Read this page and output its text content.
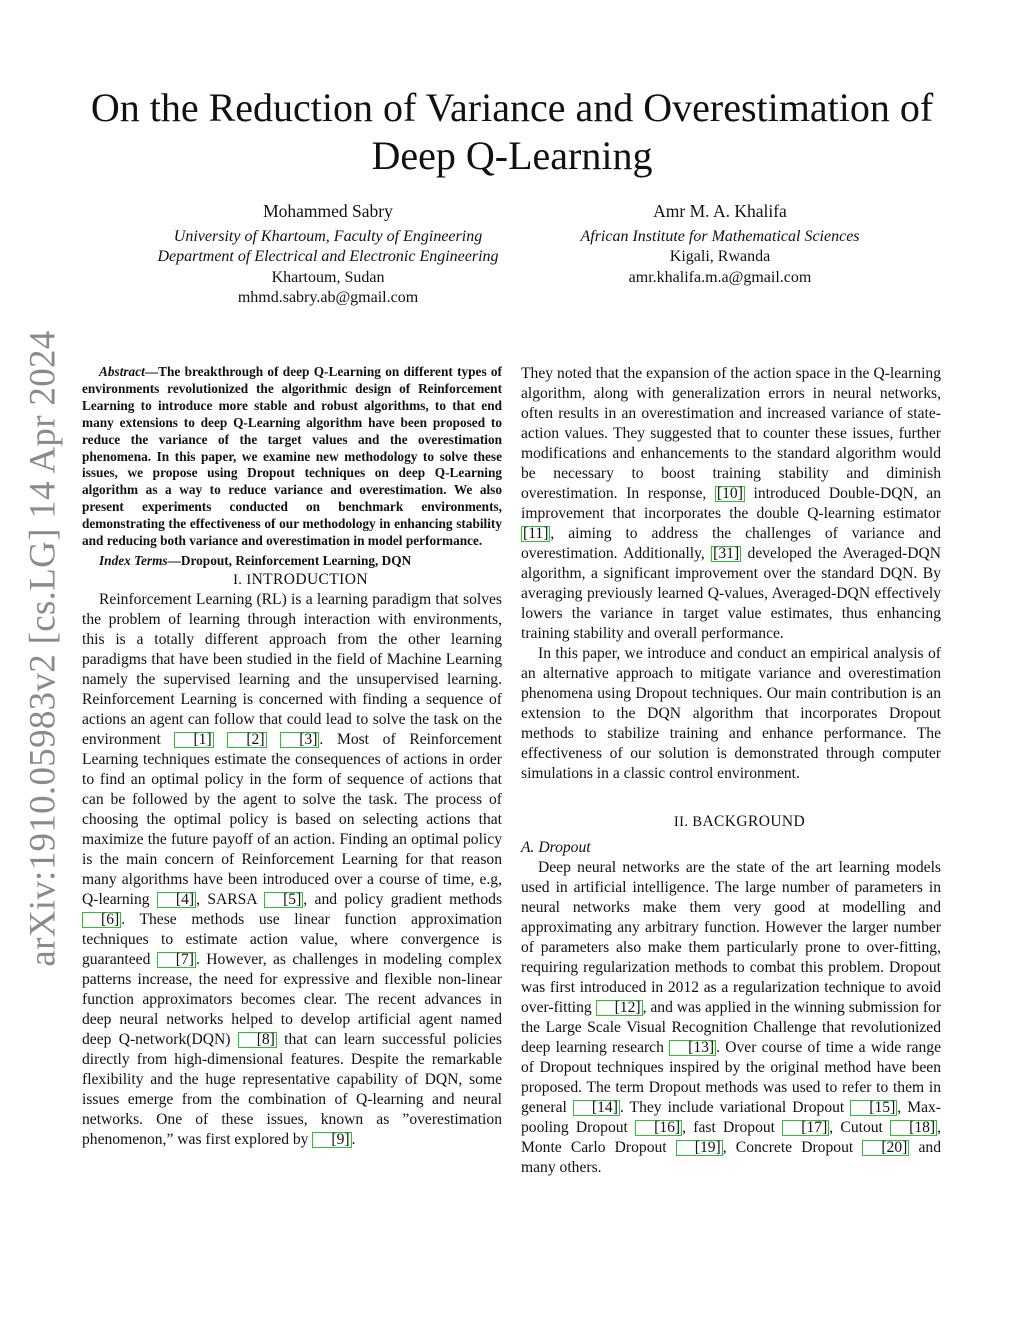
arXiv:1910.05983v2 [cs.LG] 14 Apr 2024
On the Reduction of Variance and Overestimation of Deep Q-Learning
Mohammed Sabry
University of Khartoum, Faculty of Engineering
Department of Electrical and Electronic Engineering
Khartoum, Sudan
mhmd.sabry.ab@gmail.com
Amr M. A. Khalifa
African Institute for Mathematical Sciences
Kigali, Rwanda
amr.khalifa.m.a@gmail.com

Abstract—The breakthrough of deep Q-Learning on different types of environments revolutionized the algorithmic design of Reinforcement Learning to introduce more stable and robust algorithms, to that end many extensions to deep Q-Learning algorithm have been proposed to reduce the variance of the target values and the overestimation phenomena. In this paper, we examine new methodology to solve these issues, we propose using Dropout techniques on deep Q-Learning algorithm as a way to reduce variance and overestimation. We also present experiments conducted on benchmark environments, demonstrating the effectiveness of our methodology in enhancing stability and reducing both variance and overestimation in model performance.

Index Terms—Dropout, Reinforcement Learning, DQN

I. INTRODUCTION

Reinforcement Learning (RL) is a learning paradigm that solves the problem of learning through interaction with environments, this is a totally different approach from the other learning paradigms that have been studied in the field of Machine Learning namely the supervised learning and the unsupervised learning. Reinforcement Learning is concerned with finding a sequence of actions an agent can follow that could lead to solve the task on the environment [1] [2] [3] . Most of Reinforcement Learning techniques estimate the consequences of actions in order to find an optimal policy in the form of sequence of actions that can be followed by the agent to solve the task. The process of choosing the optimal policy is based on selecting actions that maximize the future payoff of an action. Finding an optimal policy is the main concern of Reinforcement Learning for that reason many algorithms have been introduced over a course of time, e.g, Q-learning [4] , SARSA [5] , and policy gradient methods [6] . These methods use linear function approximation techniques to estimate action value, where convergence is guaranteed [7] . However, as challenges in modeling complex patterns increase, the need for expressive and flexible non-linear function approximators becomes clear. The recent advances in deep neural networks helped to develop artificial agent named deep Q-network(DQN) [8] that can learn successful policies directly from high-dimensional features. Despite the remarkable flexibility and the huge representative capability of DQN, some issues emerge from the combination of Q-learning and neural networks. One of these issues, known as ”overestimation phenomenon,” was first explored by [9] .

They noted that the expansion of the action space in the Q-learning algorithm, along with generalization errors in neural networks, often results in an overestimation and increased variance of state-action values. They suggested that to counter these issues, further modifications and enhancements to the standard algorithm would be necessary to boost training stability and diminish overestimation. In response, [10] introduced Double-DQN, an improvement that incorporates the double Q-learning estimator [11] , aiming to address the challenges of variance and overestimation. Additionally, [31] developed the Averaged-DQN algorithm, a significant improvement over the standard DQN. By averaging previously learned Q-values, Averaged-DQN effectively lowers the variance in target value estimates, thus enhancing training stability and overall performance.

In this paper, we introduce and conduct an empirical analysis of an alternative approach to mitigate variance and overestimation phenomena using Dropout techniques. Our main contribution is an extension to the DQN algorithm that incorporates Dropout methods to stabilize training and enhance performance. The effectiveness of our solution is demonstrated through computer simulations in a classic control environment.

II. BACKGROUND

A. Dropout

Deep neural networks are the state of the art learning models used in artificial intelligence. The large number of parameters in neural networks make them very good at modelling and approximating any arbitrary function. However the larger number of parameters also make them particularly prone to over-fitting, requiring regularization methods to combat this problem. Dropout was first introduced in 2012 as a regularization technique to avoid over-fitting [12] , and was applied in the winning submission for the Large Scale Visual Recognition Challenge that revolutionized deep learning research [13] . Over course of time a wide range of Dropout techniques inspired by the original method have been proposed. The term Dropout methods was used to refer to them in general [14] . They include variational Dropout [15] , Max-pooling Dropout [16] , fast Dropout [17] , Cutout [18] , Monte Carlo Dropout [19] , Concrete Dropout [20] and many others.
